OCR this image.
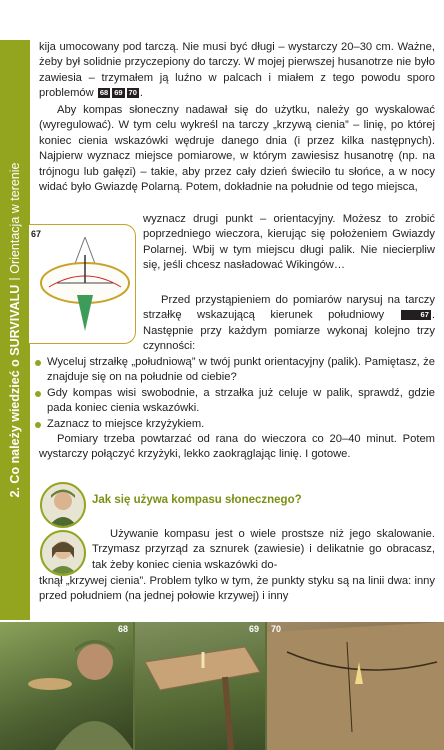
2. Co należy wiedzieć o SURVIVALUOrientacja w terenie

kija umocowany pod tarczą. Nie musi być długi – wystarczy 20–30 cm. Ważne, żeby był solidnie przyczepiony do tarczy. W mojej pierwszej husanotrze nie było zawiesia – trzymałem ją luźno w palcach i miałem z tego powodu sporo problemów 68 69 70 .

Aby kompas słoneczny nadawał się do użytku, należy go wyskalować (wyregulować). W tym celu wykreśl na tarczy „krzywą cienia” – linię, po której koniec cienia wskazówki wędruje danego dnia (i przez kilka następnych). Najpierw wyznacz miejsce pomiarowe, w którym zawiesisz husanotrę (np. na trójnogu lub gałęzi) – takie, aby przez cały dzień świeciło tu słońce, a w nocy widać było Gwiazdę Polarną. Potem, dokładnie na południe od tego miejsca,

67

wyznacz drugi punkt – orientacyjny. Możesz to zrobić poprzedniego wieczora, kierując się położeniem Gwiazdy Polarnej. Wbij w tym miejscu długi palik. Nie niecierpliw się, jeśli chcesz nasładować Wikingów…

Przed przystąpieniem do pomiarów narysuj na tarczy strzałkę wskazującą kierunek południowy	67 . Następnie przy każdym pomiarze wykonaj kolejno trzy czynności:

Wyceluj strzałkę „południową” w twój punkt orientacyjny (palik). Pamiętasz, że znajduje się on na południe od ciebie?
Gdy kompas wisi swobodnie, a strzałka już celuje w palik, sprawdź, gdzie pada koniec cienia wskazówki.
Zaznacz to miejsce krzyżykiem.

Pomiary trzeba powtarzać od rana do wieczora co 20–40 minut. Potem wystarczy połączyć krzyżyki, lekko zaokrąglając linię. I gotowe.

Jak się używa kompasu słonecznego?

Używanie kompasu jest o wiele prostsze niż jego skalowanie. Trzymasz przyrząd za sznurek (zawiesie) i delikatnie go obracasz, tak żeby koniec cienia wskazówki do-

tknął „krzywej cienia”. Problem tylko w tym, że punkty styku są na linii dwa: inny przed południem (na jednej połowie krzywej) i inny

68	69 70
